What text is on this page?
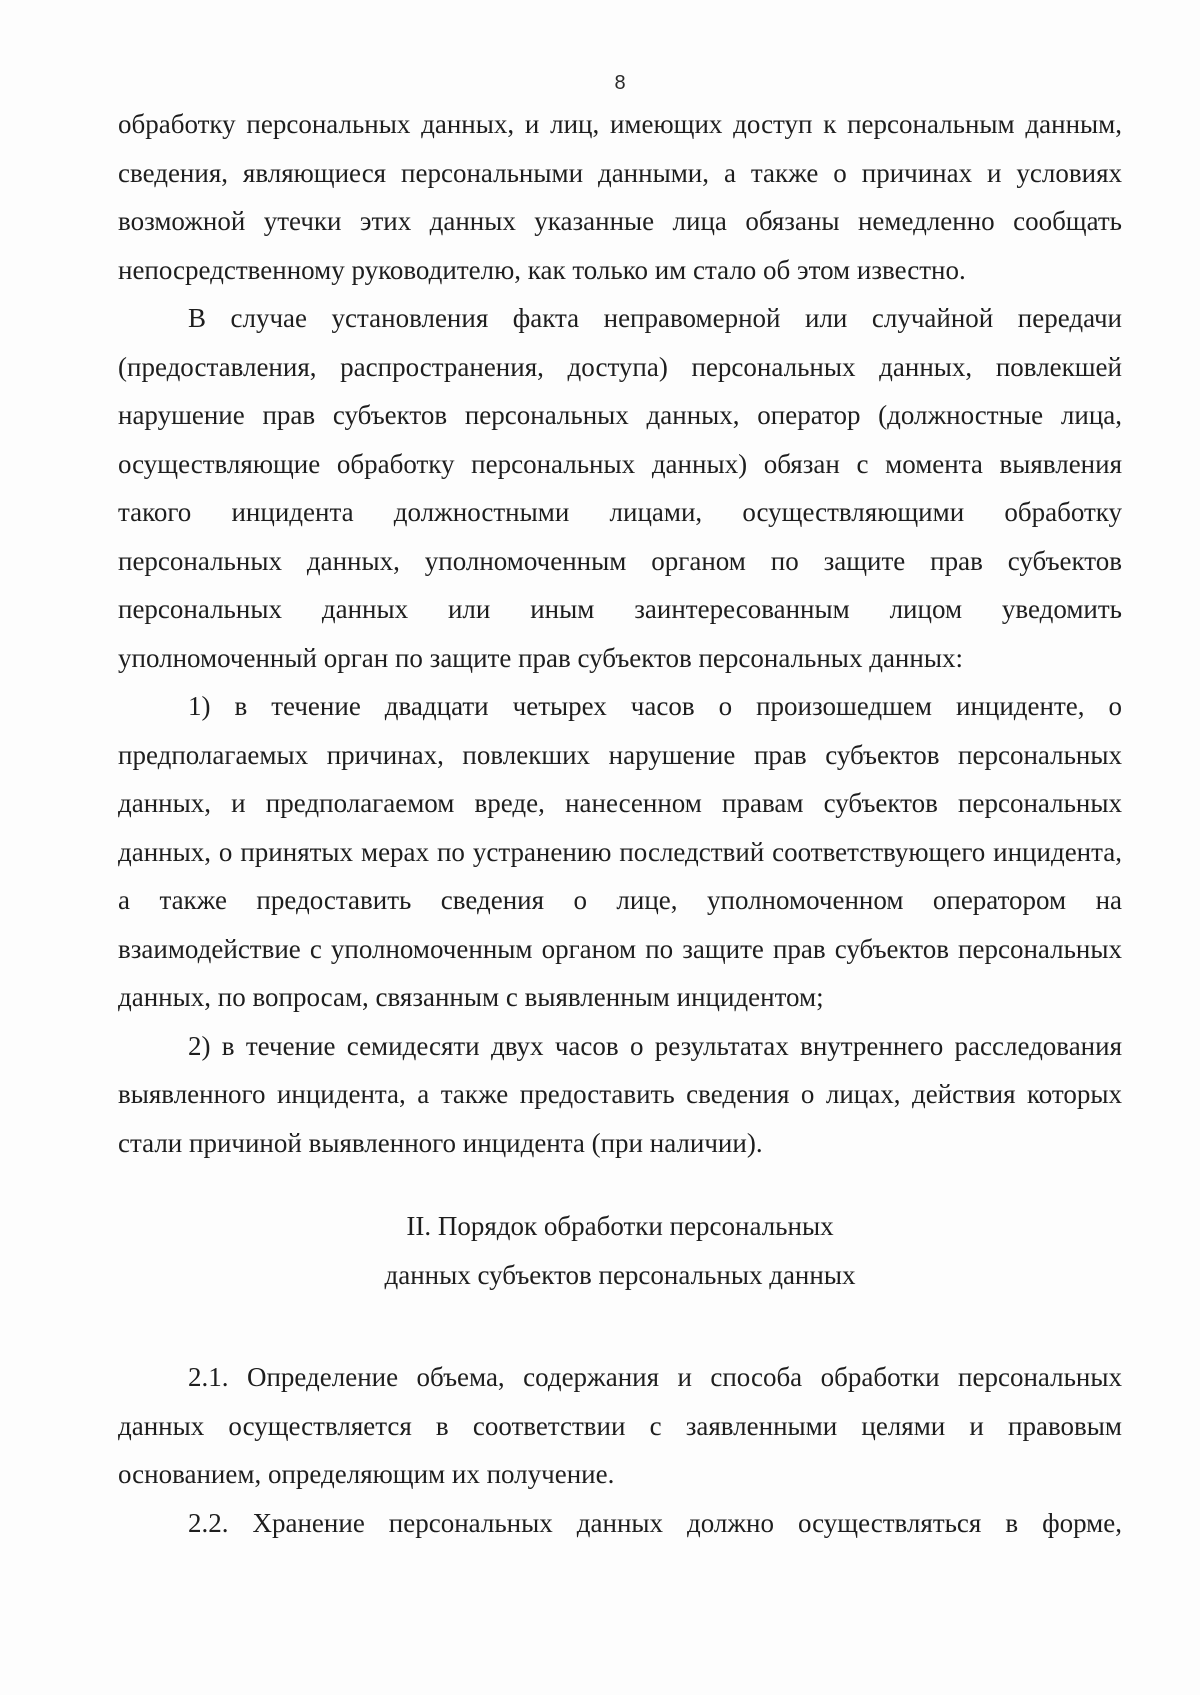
8

обработку персональных данных, и лиц, имеющих доступ к персональным данным, сведения, являющиеся персональными данными, а также о причинах и условиях возможной утечки этих данных указанные лица обязаны немедленно сообщать непосредственному руководителю, как только им стало об этом известно.

В случае установления факта неправомерной или случайной передачи (предоставления, распространения, доступа) персональных данных, повлекшей нарушение прав субъектов персональных данных, оператор (должностные лица, осуществляющие обработку персональных данных) обязан с момента выявления такого инцидента должностными лицами, осуществляющими обработку персональных данных, уполномоченным органом по защите прав субъектов персональных данных или иным заинтересованным лицом уведомить уполномоченный орган по защите прав субъектов персональных данных:

1) в течение двадцати четырех часов о произошедшем инциденте, о предполагаемых причинах, повлекших нарушение прав субъектов персональных данных, и предполагаемом вреде, нанесенном правам субъектов персональных данных, о принятых мерах по устранению последствий соответствующего инцидента, а также предоставить сведения о лице, уполномоченном оператором на взаимодействие с уполномоченным органом по защите прав субъектов персональных данных, по вопросам, связанным с выявленным инцидентом;

2) в течение семидесяти двух часов о результатах внутреннего расследования выявленного инцидента, а также предоставить сведения о лицах, действия которых стали причиной выявленного инцидента (при наличии).

II. Порядок обработки персональных
данных субъектов персональных данных

2.1. Определение объема, содержания и способа обработки персональных данных осуществляется в соответствии с заявленными целями и правовым основанием, определяющим их получение.

2.2. Хранение персональных данных должно осуществляться в форме,
